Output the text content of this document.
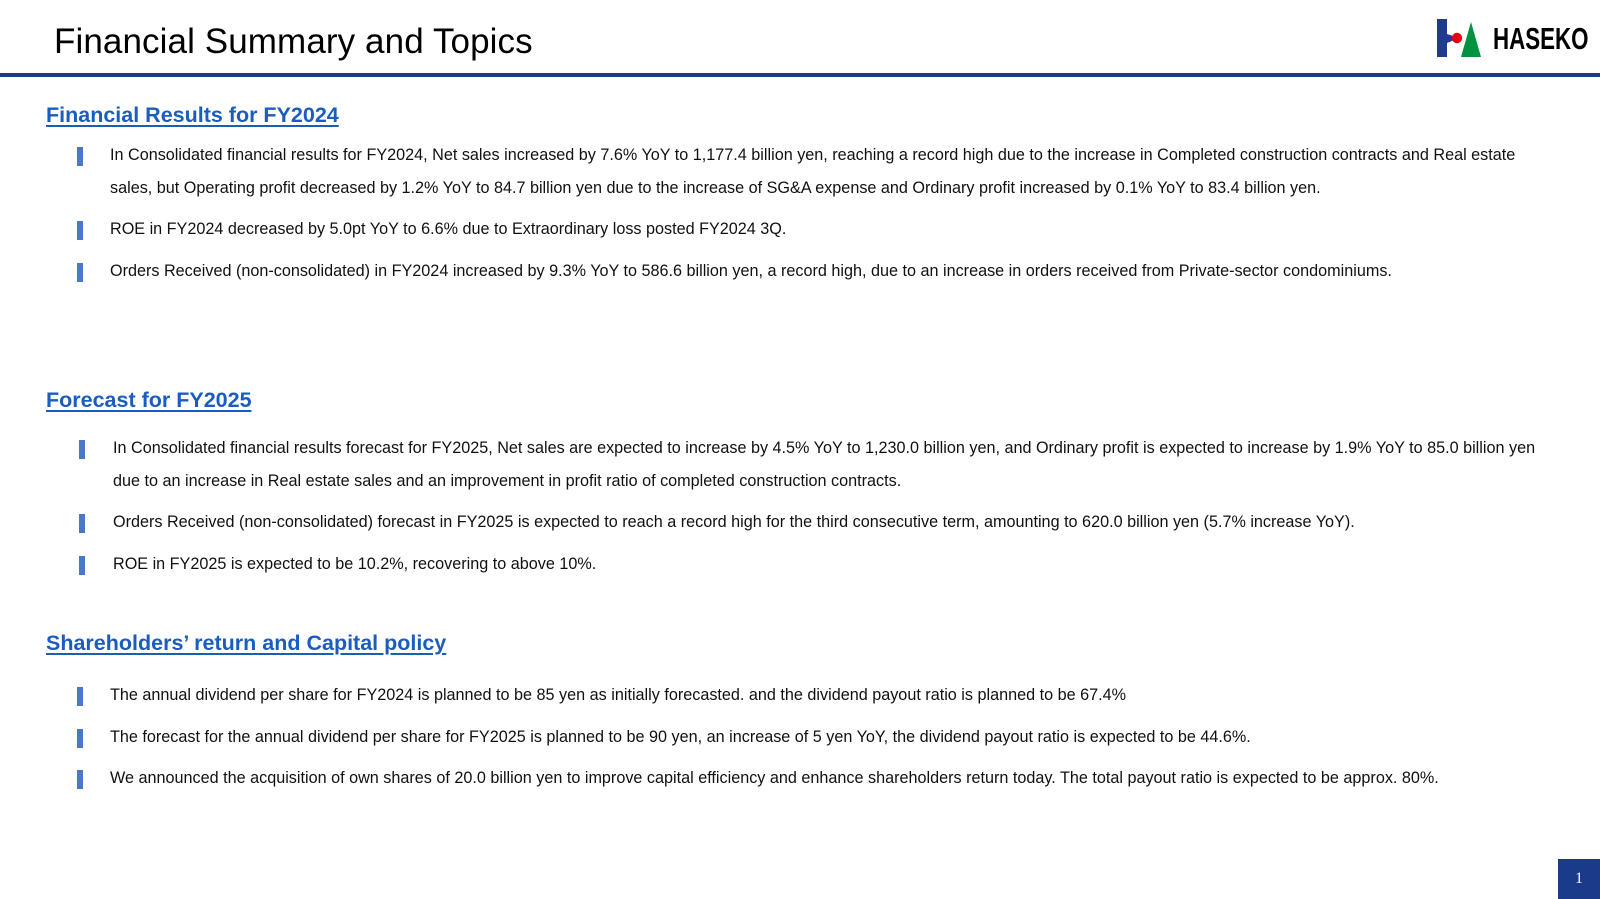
Financial Summary and Topics	HASEKO
Financial Results for FY2024
In Consolidated financial results for FY2024, Net sales increased by 7.6% YoY to 1,177.4 billion yen, reaching a record high due to the increase in Completed construction contracts and Real estate sales, but Operating profit decreased by 1.2% YoY to 84.7 billion yen due to the increase of SG&A expense and Ordinary profit increased by 0.1% YoY to 83.4 billion yen.
ROE in FY2024 decreased by 5.0pt YoY to 6.6% due to Extraordinary loss posted FY2024 3Q.
Orders Received (non-consolidated) in FY2024 increased by 9.3% YoY to 586.6 billion yen, a record high, due to an increase in orders received from Private-sector condominiums.
Forecast for FY2025
In Consolidated financial results forecast for FY2025, Net sales are expected to increase by 4.5% YoY to 1,230.0 billion yen, and Ordinary profit is expected to increase by 1.9% YoY to 85.0 billion yen due to an increase in Real estate sales and an improvement in profit ratio of completed construction contracts.
Orders Received (non-consolidated) forecast in FY2025 is expected to reach a record high for the third consecutive term, amounting to 620.0 billion yen (5.7% increase YoY).
ROE in FY2025 is expected to be 10.2%, recovering to above 10%.
Shareholders’ return and Capital policy
The annual dividend per share for FY2024 is planned to be 85 yen as initially forecasted. and the dividend payout ratio is planned to be 67.4%
The forecast for the annual dividend per share for FY2025 is planned to be 90 yen, an increase of 5 yen YoY, the dividend payout ratio is expected to be 44.6%.
We announced the acquisition of own shares of 20.0 billion yen to improve capital efficiency and enhance shareholders return today. The total payout ratio is expected to be approx. 80%.
1
